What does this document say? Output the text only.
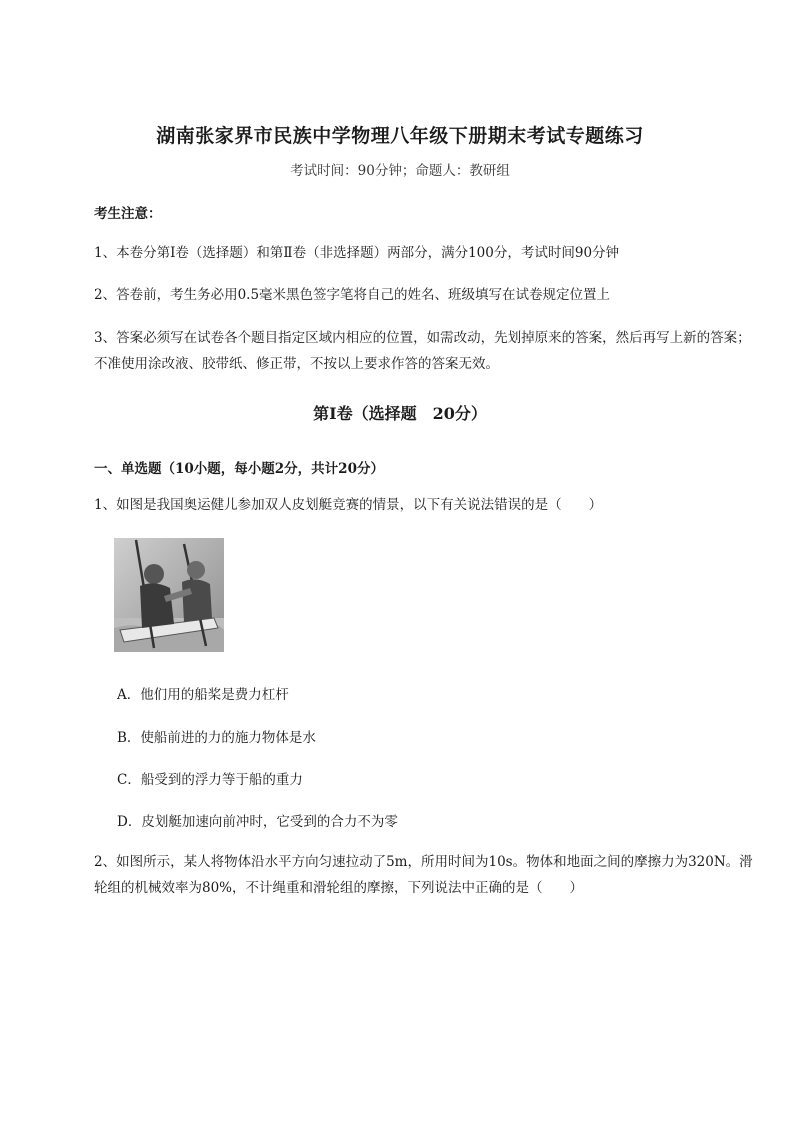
湖南张家界市民族中学物理八年级下册期末考试专题练习
考试时间：90分钟；命题人：教研组
考生注意：
1、本卷分第Ⅰ卷（选择题）和第Ⅱ卷（非选择题）两部分，满分100分，考试时间90分钟
2、答卷前，考生务必用0.5毫米黑色签字笔将自己的姓名、班级填写在试卷规定位置上
3、答案必须写在试卷各个题目指定区域内相应的位置，如需改动，先划掉原来的答案，然后再写上新的答案；不准使用涂改液、胶带纸、修正带，不按以上要求作答的答案无效。
第Ⅰ卷（选择题　20分）
一、单选题（10小题，每小题2分，共计20分）
1、如图是我国奥运健儿参加双人皮划艇竞赛的情景，以下有关说法错误的是（　　）
A．他们用的船桨是费力杠杆
B．使船前进的力的施力物体是水
C．船受到的浮力等于船的重力
D．皮划艇加速向前冲时，它受到的合力不为零
2、如图所示，某人将物体沿水平方向匀速拉动了5m，所用时间为10s。物体和地面之间的摩擦力为320N。滑轮组的机械效率为80%，不计绳重和滑轮组的摩擦，下列说法中正确的是（　　）
